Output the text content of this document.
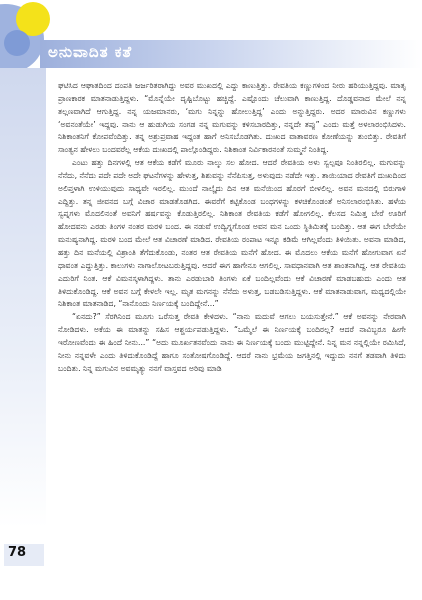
ಅನುವಾದಿತ ಕತೆ

ಘಟಿಸಿದ ಆಘಾತದಿಂದ ದಂಪತಿ ಜರ್ಜರಿತರಾಗಿದ್ದು ಅವರ ಮುಖದಲ್ಲಿ ಎದ್ದು ಕಾಣುತ್ತಿತ್ತು. ರೇವತಿಯ ಕಣ್ಣುಗಳಿಂದ ನೀರು ಹರಿಯುತ್ತಿದ್ದವು. ಮಾತೃ ಪ್ರಾಣಕಾರಕ ಮಾತನಾಡುತ್ತಿದ್ದಳು. “ಮೊನ್ನೆಯೇ ದೃಷ್ಟಿಬೊಟ್ಟು ಹಚ್ಚಿದ್ದೆ. ಎಷ್ಟೊಂದು ಚೆಲುವಾಗಿ ಕಾಣುತ್ತಿದ್ದ. ದೊಡ್ಡವನಾದ ಮೇಲೆ ನನ್ನ ತಲ್ಲಣವಾಗಿದೆ ಆಗುತ್ತಿದ್ದ. ನನ್ನ ಯಜಮಾನರು, ‘ಮಗು ನಿನ್ನನ್ನು ಹೋಲುತ್ತಿದ್ದ’ ಎಂದು ಅನ್ನುತ್ತಿದ್ದರು. ಅದರ ಮಾರುವಿನ ಕಣ್ಣುಗಳು ‘ಅವನಂತೆಯೇ’ ಇದ್ದವು. ನಾನು ಆ ಹುಡುಗಿಯ ಸಂಗಡ ನನ್ನ ಮಗುವನ್ನು ಕಳಿಸಬಾರದಿತ್ತು, ನನ್ನದೇ ತಪ್ಪು” ಎಂದು ಮತ್ತೆ ಅಳಲಾರಂಭಿಸಿದಳು. ನಿಶಿಕಾಂತನಿಗೆ ಕೋಪವೆಂದಿತ್ತು. ತನ್ನ ಅಶ್ರುಪ್ರವಾಹ ಇದ್ದಂತ ಹಾಗೆ ಅನಿಸಬೊಡಗಿತು. ದುಃಖದ ವಾತಾವರಣ ಕೋಣೆಯನ್ನು ತುಂಬಿತ್ತು. ರೇವತಿಗೆ ಸಾಂತ್ವನ ಹೇಳಲು ಬಂದವರೆಲ್ಲ ಆಕೆಯ ದುಃಖದಲ್ಲಿ ಪಾಲ್ಗೊಂಡಿದ್ದರು. ನಿಶಿಕಾಂತ ನಿರ್ವಿಕಾರನಂತೆ ಸುಮ್ಮನೆ ನಿಂತಿದ್ದ.

ಎಂಟು ಹತ್ತು ದಿನಗಳಲ್ಲಿ ಆತ ಆಕೆಯ ಕಡೆಗೆ ಮೂರು ನಾಲ್ಕು ಸಲ ಹೋದ. ಆದರೆ ರೇವತಿಯ ಅಳು ಸ್ವಲ್ಪವೂ ನಿಂತಿರಲಿಲ್ಲ. ಮಗುವನ್ನು ನೆನೆದು, ನೆನೆದು ಪದೇ ಪದೇ ಅದೇ ಘಟನೆಗಳನ್ನು ಹೇಳುತ್ತ, ಶಿಶುವನ್ನು ನೆನೆಪಿಸುತ್ತ, ಅಳುವುದು ನಡೆದೇ ಇತ್ತು. ತಾಯಿಯಾದ ರೇವತಿಗೆ ದುಃಖದಿಂದ ಅಲಿಪ್ತಳಾಗಿ ಉಳಿಯುವುದು ಸಾಧ್ಯವೇ ಇರಲಿಲ್ಲ. ಮುಂದೆ ನಾಲ್ಕೈದು ದಿನ ಆತ ಮನೆಯಿಂದ ಹೊರಗೆ ಬೀಳಲಿಲ್ಲ. ಅವನ ಮನದಲ್ಲಿ ಬಿರುಗಾಳಿ ಎದ್ದಿತ್ತು. ತನ್ನ ಜೀವನದ ಬಗ್ಗೆ ವಿಚಾರ ಮಾಡತೊಡಗಿದ. ಈವರೆಗೆ ಕಟ್ಟಿಕೊಂಡ ಬಂಧಗಳನ್ನು ಕಳಚಿಕೊಂಡಂತೆ ಅನಿಸಲಾರಂಭಿಸಿತು. ಹಳೆಯ ಸ್ವಪ್ನಗಳು ಮೊದಲಿನಂತೆ ಅವನಿಗೆ ಹರ್ಷವನ್ನು ಕೊಡುತ್ತಿರಲಿಲ್ಲ. ನಿಶಿಕಾಂತ ರೇವತಿಯ ಕಡೆಗೆ ಹೋಗಲಿಲ್ಲ. ಕೆಲಸದ ನಿಮಿತ್ತ ಬೇರೆ ಊರಿಗೆ ಹೋದವನು ಎರಡು ತಿಂಗಳ ನಂತರ ಮರಳಿ ಬಂದ. ಈ ನಡುವೆ ಉದ್ವಿಗ್ನಗೊಂಡ ಅವನ ಮನ ಒಂದು ಸ್ಥಿತಿಮಿತಕ್ಕೆ ಬಂದಿತ್ತು. ಆತ ಈಗ ಬೇರೆಯೇ ಮನುಷ್ಯನಾಗಿದ್ದ. ಮರಳಿ ಬಂದ ಮೇಲೆ ಆತ ವಿಚಾರಣೆ ಮಾಡಿದ. ರೇವತಿಯ ರಂಪಾಟ ಇನ್ನೂ ಕಡಿಮೆ ಆಗಿಲ್ಲವೆಂದು ತಿಳಿಯಿತು. ಅವನಾ ಮಾಡಿದ, ಹತ್ತು ದಿನ ಮನೆಯಲ್ಲಿ ವಿಶ್ರಾಂತಿ ತೆಗೆದುಕೊಂಡು, ನಂತರ ಆತ ರೇವತಿಯ ಮನೆಗೆ ಹೋದ. ಈ ಮೊದಲು ಆಕೆಯ ಮನೆಗೆ ಹೋಗುವಾಗ ಏನೆ ಧಾವಂತ ಎದ್ದುತ್ತಿತ್ತು. ಕಾಲುಗಳು ನಾಗಾಲೋಟಬರುತ್ತಿದ್ದವು. ಆದರೆ ಈಗ ಹಾಗೇನೂ ಆಗಲಿಲ್ಲ. ಸಾವಧಾನವಾಗಿ ಆತ ಶಾಂತನಾಗಿದ್ದ. ಆತ ರೇವತಿಯ ಎದುರಿಗೆ ನಿಂತ. ಆಕೆ ವಿಮನಸ್ಕಳಾಗಿದ್ದಳು. ತಾನು ಎರಡುಬಾರಿ ತಿಂಗಳು ಏಕೆ ಬಂದಿಲ್ಲವೆಂದು ಆಕೆ ವಿಚಾರಣೆ ಮಾಡಬಹುದು ಎಂದು ಆತ ತಿಳಿದುಕೊಂಡಿದ್ದ. ಆಕೆ ಅವನ ಬಗ್ಗೆ ಕೇಳಲೇ ಇಲ್ಲ. ಮೃತ ಮಗನನ್ನು ನೆನೆದು ಅಳುತ್ತ, ಬಡಬಡಿಸುತ್ತಿದ್ದಳು. ಆಕೆ ಮಾತನಾಡುವಾಗ, ಮಧ್ಯದಲ್ಲಿಯೇ ನಿಶಿಕಾಂತ ಮಾತನಾಡಿದ, “ನಾನೊಂದು ನಿರ್ಣಯಕ್ಕೆ ಬಂದಿದ್ದೇನೆ...”

“ಏನದು?” ಸೆರಗಿನಿಂದ ಮೂಗು ಒರೆಸುತ್ತ ರೇವತಿ ಕೇಳಿದಳು. “ನಾನು ಮದುವೆ ಆಗಲು ಬಯಸುತ್ತೇನೆ.” ಆಕೆ ಅವನನ್ನು ನೇರವಾಗಿ ನೋಡಿದಳು. ಅಕೆಯ ಈ ಮಾತನ್ನು ಸಹಿಸ ಆಶ್ಚರ್ಯಪಡುತ್ತಿದ್ದಳು. “ಒಮ್ಮೆಲೆ ಈ ನಿರ್ಣಯಕ್ಕೆ ಬಂದಿರಲ್ಲ? ಆದರೆ ನಾವಿಬ್ಬರೂ ಹೀಗೇ ಇರೋಣವೆಂದು ಈ ಹಿಂದೆ ನೀನು...” “ಅದು ಮೂರ್ಖತನವೆಂದು ನಾನು ಈ ನಿರ್ಣಯಕ್ಕೆ ಬಂದು ಮುಟ್ಟಿದ್ದೇನೆ. ನಿನ್ನ ಮನ ನನ್ನಲ್ಲಿಯೇ ರಮಿಸಿದೆ, ನೀನು ನನ್ನವಳೇ ಎಂದು ತಿಳಿದುಕೊಂಡಿದ್ದೆ ಹಾಗೂ ಸಂತೋಷಗೊಂಡಿದ್ದೆ. ಆದರೆ ನಾನು ಭ್ರಮೆಯ ಜಗತ್ತಿನಲ್ಲಿ ಇದ್ದುದು ನನಗೆ ತಡವಾಗಿ ತಿಳಿದು ಬಂದಿತು. ನಿನ್ನ ಮಗುವಿನ ಅವಮೃತ್ಯು ನನಗೆ ವಾಸ್ತವದ ಅರಿವು ಮಾಡಿ

78
